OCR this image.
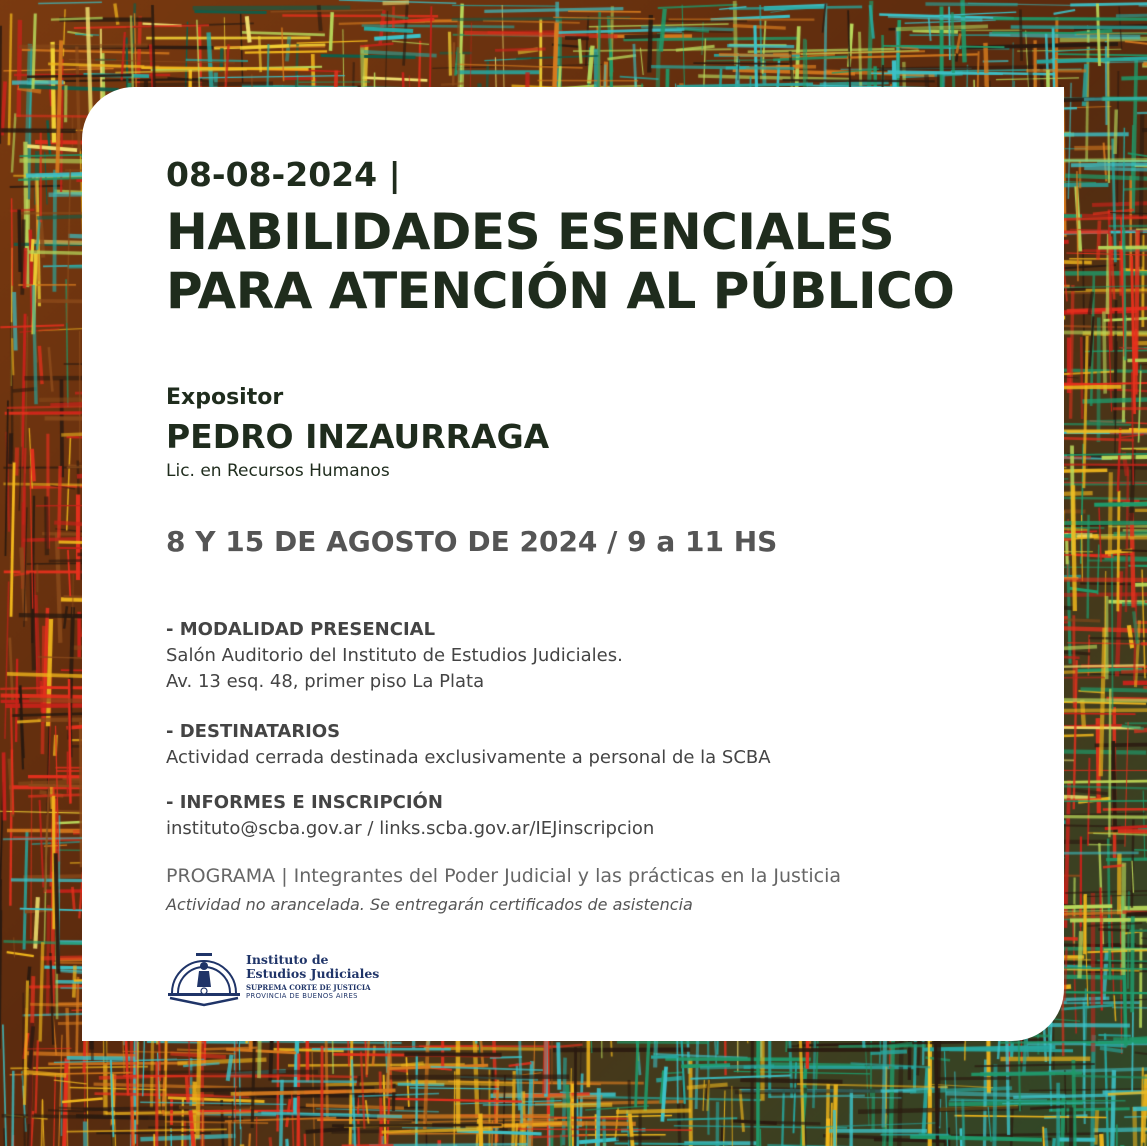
08-08-2024 |
HABILIDADES ESENCIALES
PARA ATENCIÓN AL PÚBLICO
Expositor
PEDRO INZAURRAGA
Lic. en Recursos Humanos
8 Y 15 DE AGOSTO DE 2024 / 9 a 11 HS
- MODALIDAD PRESENCIAL
Salón Auditorio del Instituto de Estudios Judiciales.
Av. 13 esq. 48, primer piso La Plata
- DESTINATARIOS
Actividad cerrada destinada exclusivamente a personal de la SCBA
- INFORMES E INSCRIPCIÓN
instituto@scba.gov.ar / links.scba.gov.ar/IEJinscripcion
PROGRAMA | Integrantes del Poder Judicial y las prácticas en la Justicia
Actividad no arancelada. Se entregarán certificados de asistencia
Instituto de
Estudios Judiciales
SUPREMA CORTE DE JUSTICIA
PROVINCIA DE BUENOS AIRES
